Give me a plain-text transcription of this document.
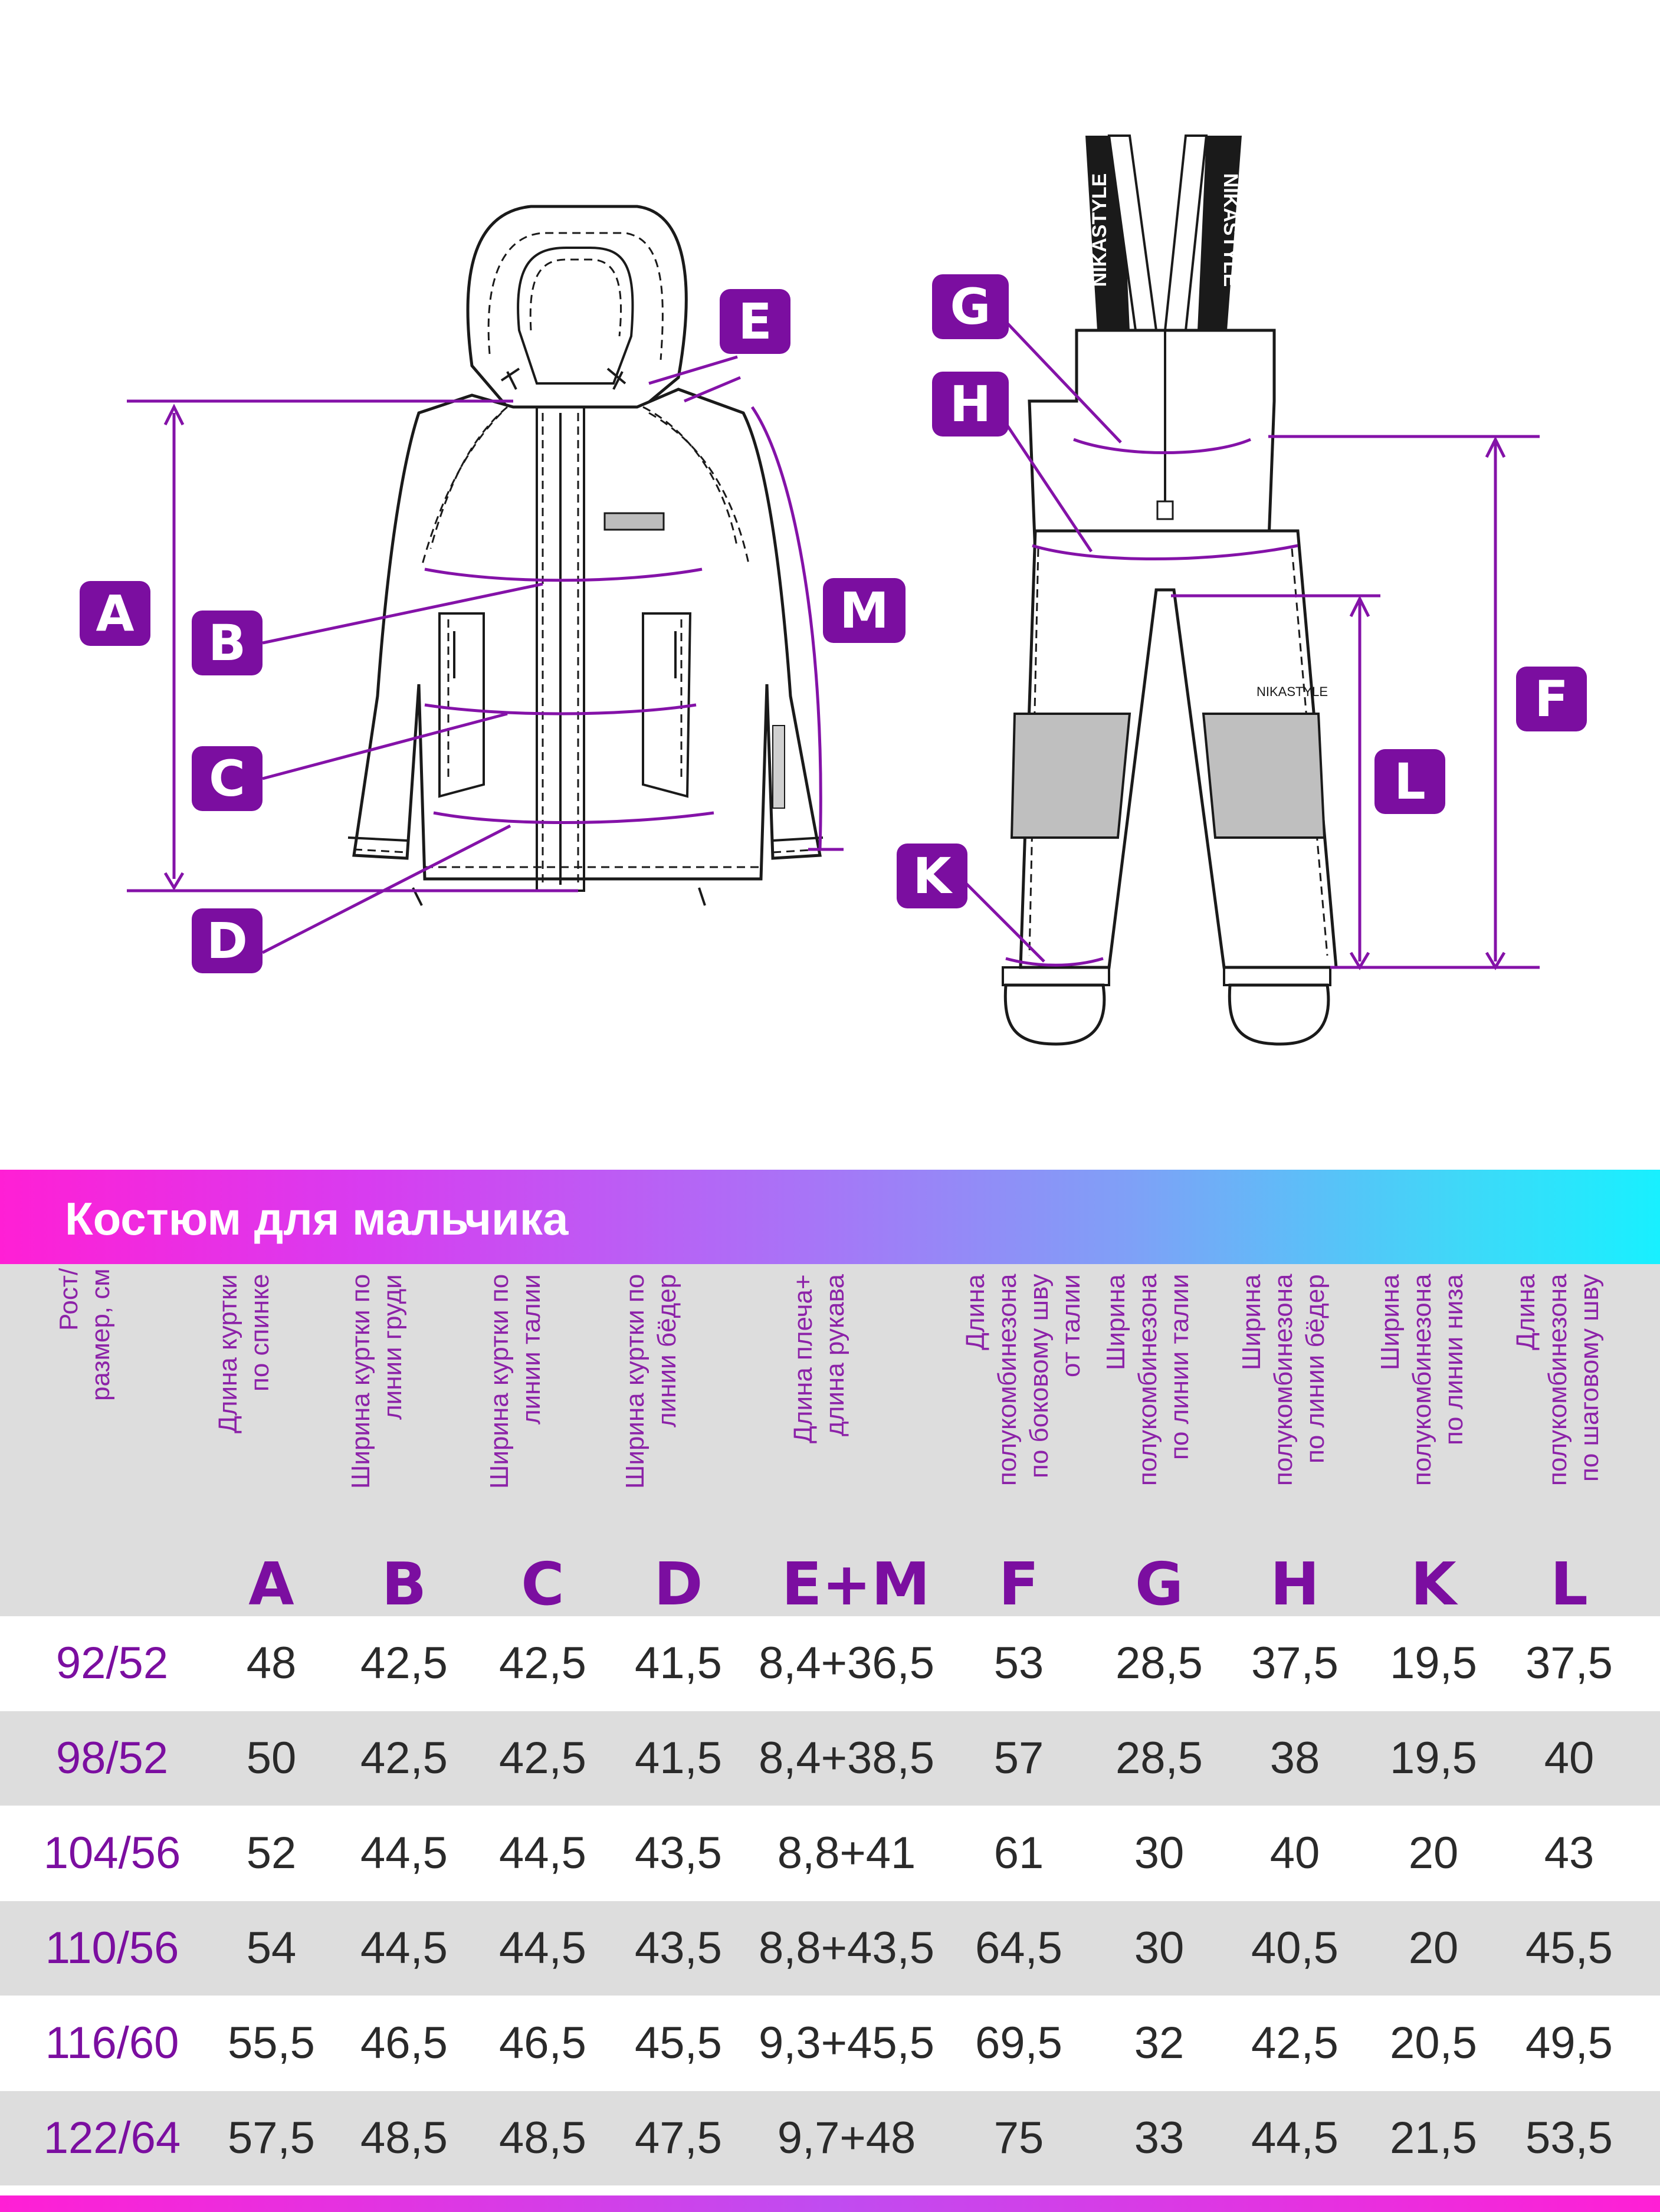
NIKASTYLE	NIKASTYLE
NIKASTYLE
A
B
C
D
E
M
G
H
F
L
K
Костюм для мальчика
Рост/
размер, см
Длина куртки
по спинке
A
Ширина куртки по
линии груди
B
Ширина куртки по
линии талии
C
Ширина куртки по
линии бёдер
D
Длина плеча+
длина рукава
E+M
Длина
полукомбинезона
по боковому шву
от талии
F
Ширина
полукомбинезона
по линии талии
G
Ширина
полукомбинезона
по линии бёдер
H
Ширина
полукомбинезона
по линии низа
K
Длина
полукомбинезона
по шаговому шву
L
92/52	48	42,5	42,5	41,5 8,4+36,5	53	28,5	37,5	19,5	37,5
98/52	50	42,5	42,5	41,5 8,4+38,5	57	28,5	38	19,5	40
104/56	52	44,5	44,5	43,5	8,8+41	61	30	40	20	43
110/56	54	44,5	44,5	43,5 8,8+43,5 64,5	30	40,5	20	45,5
116/60	55,5	46,5	46,5	45,5 9,3+45,5 69,5	32	42,5	20,5	49,5
122/64	57,5	48,5	48,5	47,5	9,7+48	75	33	44,5	21,5	53,5
